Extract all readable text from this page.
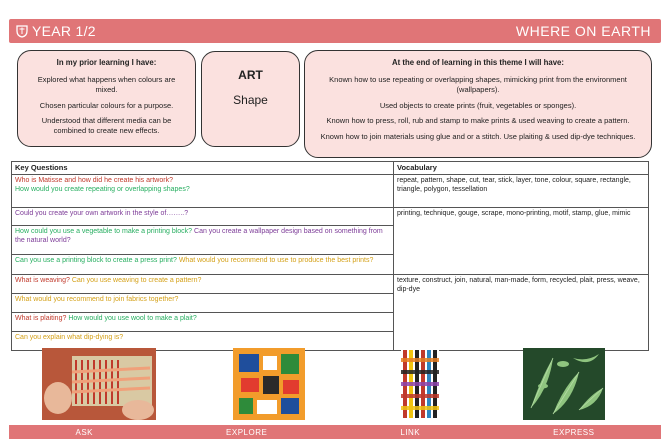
YEAR 1/2	WHERE ON EARTH
In my prior learning I have:

Explored what happens when colours are mixed.

Chosen particular colours for a purpose.

Understood that different media can be combined to create new effects.

ART
Shape
At the end of learning in this theme I will have:

Known how to use repeating or overlapping shapes, mimicking print from the environment (wallpapers).

Used objects to create prints (fruit, vegetables or sponges).

Known how to press, roll, rub and stamp to make prints & used weaving to create a pattern.

Known how to join materials using glue and or a stitch. Use plaiting & used dip-dye techniques.

Key Questions	Vocabulary
Who is Matisse and how did he create his artwork?
How would you create repeating or overlapping shapes?	repeat, pattern, shape, cut, tear, stick, layer, tone, colour, square, rectangle, triangle, polygon, tessellation
Could you create your own artwork in the style of……..?	printing, technique, gouge, scrape, mono-printing, motif, stamp, glue, mimic
How could you use a vegetable to make a printing block? Can you create a wallpaper design based on something from the natural world?	
Can you use a printing block to create a press print? What would you recommend to use to produce the best prints?	
What is weaving? Can you use weaving to create a pattern?	texture, construct, join, natural, man-made, form, recycled, plait, press, weave, dip-dye
What would you recommend to join fabrics together?	
What is plaiting? How would you use wool to make a plait?	
Can you explain what dip-dying is?	
ASK	EXPLORE	LINK	EXPRESS
